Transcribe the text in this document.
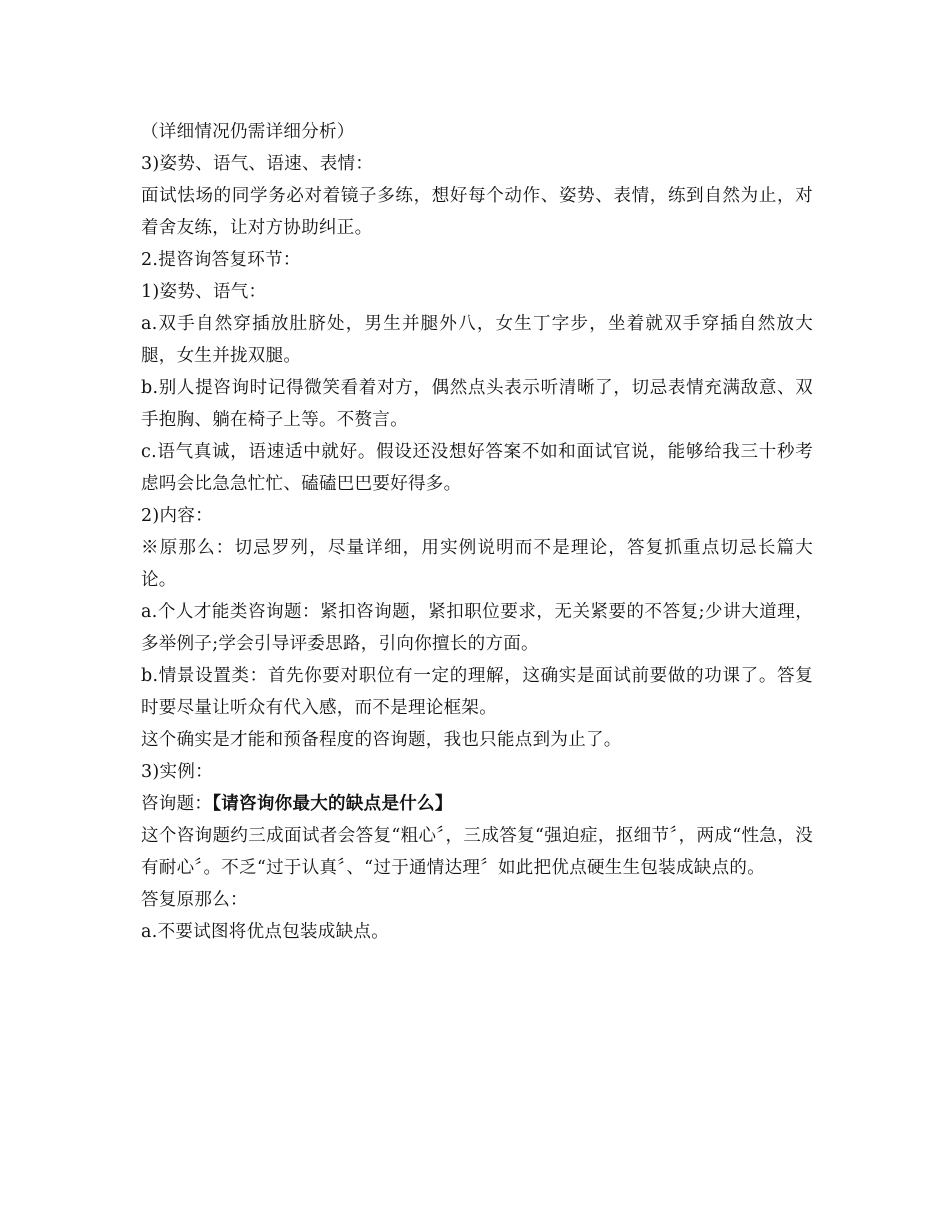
（详细情况仍需详细分析）

3)姿势、语气、语速、表情：

面试怯场的同学务必对着镜子多练，想好每个动作、姿势、表情，练到自然为止，对着舍友练，让对方协助纠正。

2.提咨询答复环节：

1)姿势、语气：

a.双手自然穿插放肚脐处，男生并腿外八，女生丁字步，坐着就双手穿插自然放大腿，女生并拢双腿。

b.别人提咨询时记得微笑看着对方，偶然点头表示听清晰了，切忌表情充满敌意、双手抱胸、躺在椅子上等。不赘言。

c.语气真诚，语速适中就好。假设还没想好答案不如和面试官说，能够给我三十秒考虑吗会比急急忙忙、磕磕巴巴要好得多。

2)内容：

※原那么：切忌罗列，尽量详细，用实例说明而不是理论，答复抓重点切忌长篇大论。

a.个人才能类咨询题：紧扣咨询题，紧扣职位要求，无关紧要的不答复;少讲大道理，多举例子;学会引导评委思路，引向你擅长的方面。

b.情景设置类：首先你要对职位有一定的理解，这确实是面试前要做的功课了。答复时要尽量让听众有代入感，而不是理论框架。

这个确实是才能和预备程度的咨询题，我也只能点到为止了。

3)实例：

咨询题：【请咨询你最大的缺点是什么】

这个咨询题约三成面试者会答复“粗心〞，三成答复“强迫症，抠细节〞，两成“性急，没有耐心〞。不乏“过于认真〞、“过于通情达理〞如此把优点硬生生包装成缺点的。

答复原那么：

a.不要试图将优点包装成缺点。
